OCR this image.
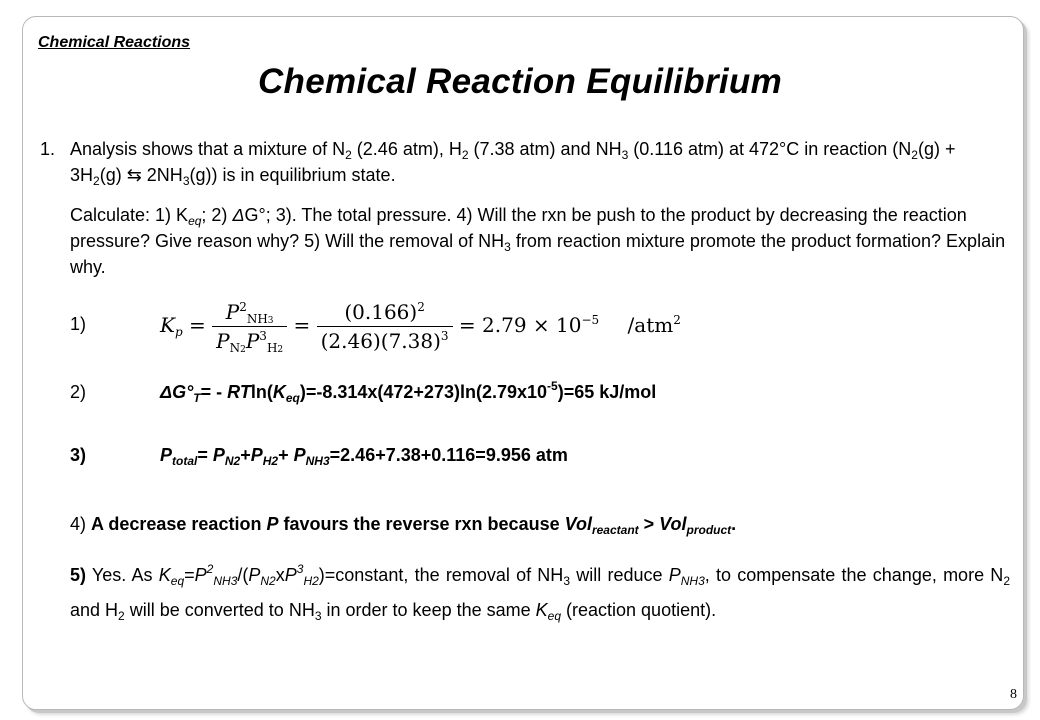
Chemical Reactions
Chemical Reaction Equilibrium
1. Analysis shows that a mixture of $N_2$ (2.46 atm), $H_2$ (7.38 atm) and $NH_3$ (0.116 atm) at 472°C in reaction ($N_2(g) + 3H_2(g)$ ⇆ $2NH_3(g)$) is in equilibrium state.
Calculate: 1) $K_{eq}$; 2) ΔG°; 3). The total pressure. 4) Will the rxn be push to the product by decreasing the reaction pressure? Give reason why? 5) Will the removal of $NH_3$ from reaction mixture promote the product formation? Explain why.
1)	$K_p = \frac{P^2_{NH3}}{P_{N2}P^3_{H2}} = \frac{(0.166)^2}{(2.46)(7.38)^3} = 2.79 \times 10^{-5}$ /atm$^2$
2)	$\Delta G^\circ_T= - RTln(K_{eq})=-8.314x(472+273)\ln(2.79x10^{-5})=65$ kJ/mol
3)	$P_{total}= P_{N2}+P_{H2}+ P_{NH3}=2.46+7.38+0.116=9.956$ atm
4) A decrease reaction P favours the reverse rxn because Vol$_{reactant}$ > Vol$_{product}$.
5) Yes. As $K_{eq}=P^2_{NH3}/(P_{N2}xP^3_{H2})=constant$, the removal of $NH_3$ will reduce $P_{NH3}$, to compensate the change, more $N_2$ and $H_2$ will be converted to $NH_3$ in order to keep the same $K_{eq}$ (reaction quotient).
8
